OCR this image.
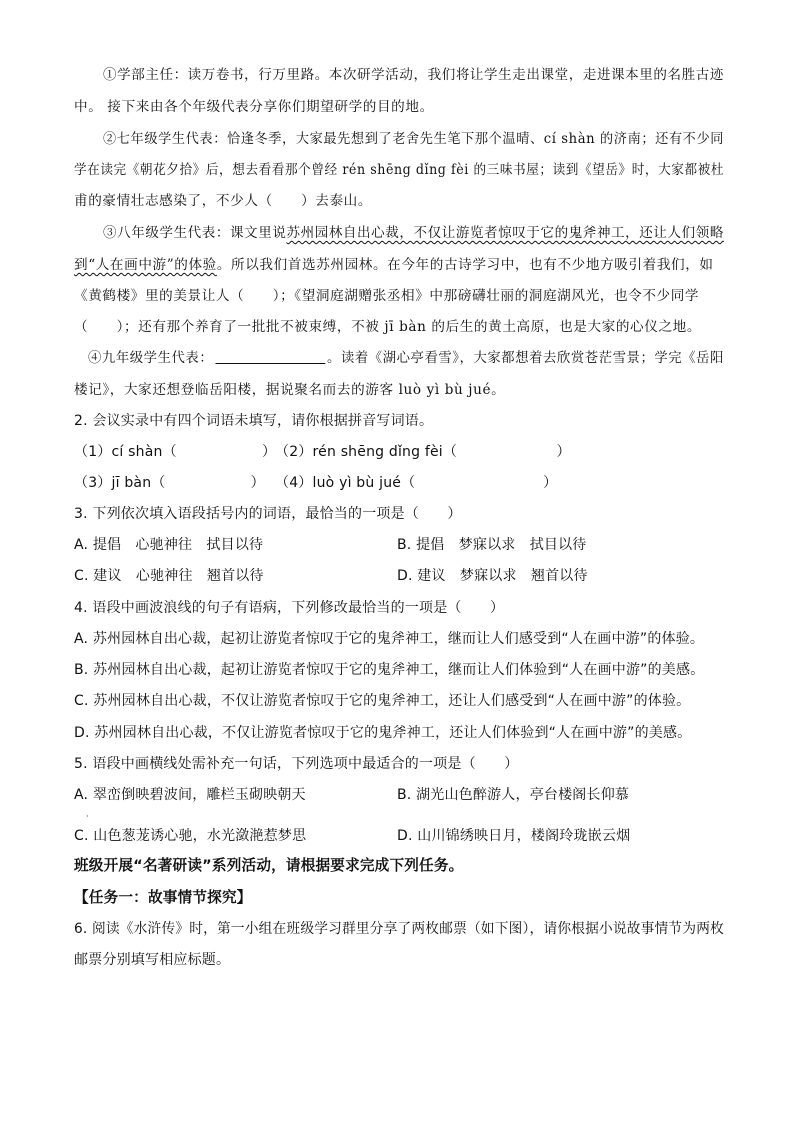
①学部主任：读万卷书，行万里路。本次研学活动，我们将让学生走出课堂，走进课本里的名胜古迹
中。 接下来由各个年级代表分享你们期望研学的目的地。
②七年级学生代表：恰逢冬季，大家最先想到了老舍先生笔下那个温晴、cí shàn 的济南；还有不少同
学在读完《朝花夕拾》后，想去看看那个曾经 rén shēng dǐng fèi 的三味书屋；读到《望岳》时，大家都被杜
甫的豪情壮志感染了，不少人（　　）去泰山。
③八年级学生代表：课文里说苏州园林自出心裁，不仅让游览者惊叹于它的鬼斧神工，还让人们领略
到“人在画中游”的体验。所以我们首选苏州园林。在今年的古诗学习中，也有不少地方吸引着我们，如
《黄鹤楼》里的美景让人（　　）；《望洞庭湖赠张丞相》中那磅礴壮丽的洞庭湖风光，也令不少同学
（　　）；还有那个养育了一批批不被束缚，不被 jī bàn 的后生的黄土高原，也是大家的心仪之地。
④九年级学生代表：	。读着《湖心亭看雪》，大家都想着去欣赏苍茫雪景；学完《岳阳
楼记》，大家还想登临岳阳楼，据说聚名而去的游客 luò yì bù jué。
2. 会议实录中有四个词语未填写，请你根据拼音写词语。
（1）cí shàn（　　　　　　）
（2）rén shēng dǐng fèi（　　　　　　　）
（3）jī bàn（　　　　　　） （4）luò yì bù jué（　　　　　　　　　）
3. 下列依次填入语段括号内的词语，最恰当的一项是（　　）
A. 提倡　心驰神往　拭目以待	B. 提倡　梦寐以求　拭目以待
C. 建议　心驰神往　翘首以待	D. 建议　梦寐以求　翘首以待
4. 语段中画波浪线的句子有语病，下列修改最恰当的一项是（　　）
A. 苏州园林自出心裁，起初让游览者惊叹于它的鬼斧神工，继而让人们感受到“人在画中游”的体验。
B. 苏州园林自出心裁，起初让游览者惊叹于它的鬼斧神工，继而让人们体验到“人在画中游”的美感。
C. 苏州园林自出心裁，不仅让游览者惊叹于它的鬼斧神工，还让人们感受到“人在画中游”的体验。
D. 苏州园林自出心裁，不仅让游览者惊叹于它的鬼斧神工，还让人们体验到“人在画中游”的美感。
5. 语段中画横线处需补充一句话，下列选项中最适合的一项是（　　）
A. 翠峦倒映碧波间，雕栏玉砌映朝天	B. 湖光山色醉游人，亭台楼阁长仰慕
·
C. 山色葱茏诱心驰，水光潋滟惹梦思	D. 山川锦绣映日月，楼阁玲珑嵌云烟
班级开展“名著研读”系列活动，请根据要求完成下列任务。
【任务一：故事情节探究】
6. 阅读《水浒传》时，第一小组在班级学习群里分享了两枚邮票（如下图），请你根据小说故事情节为两枚
邮票分别填写相应标题。
